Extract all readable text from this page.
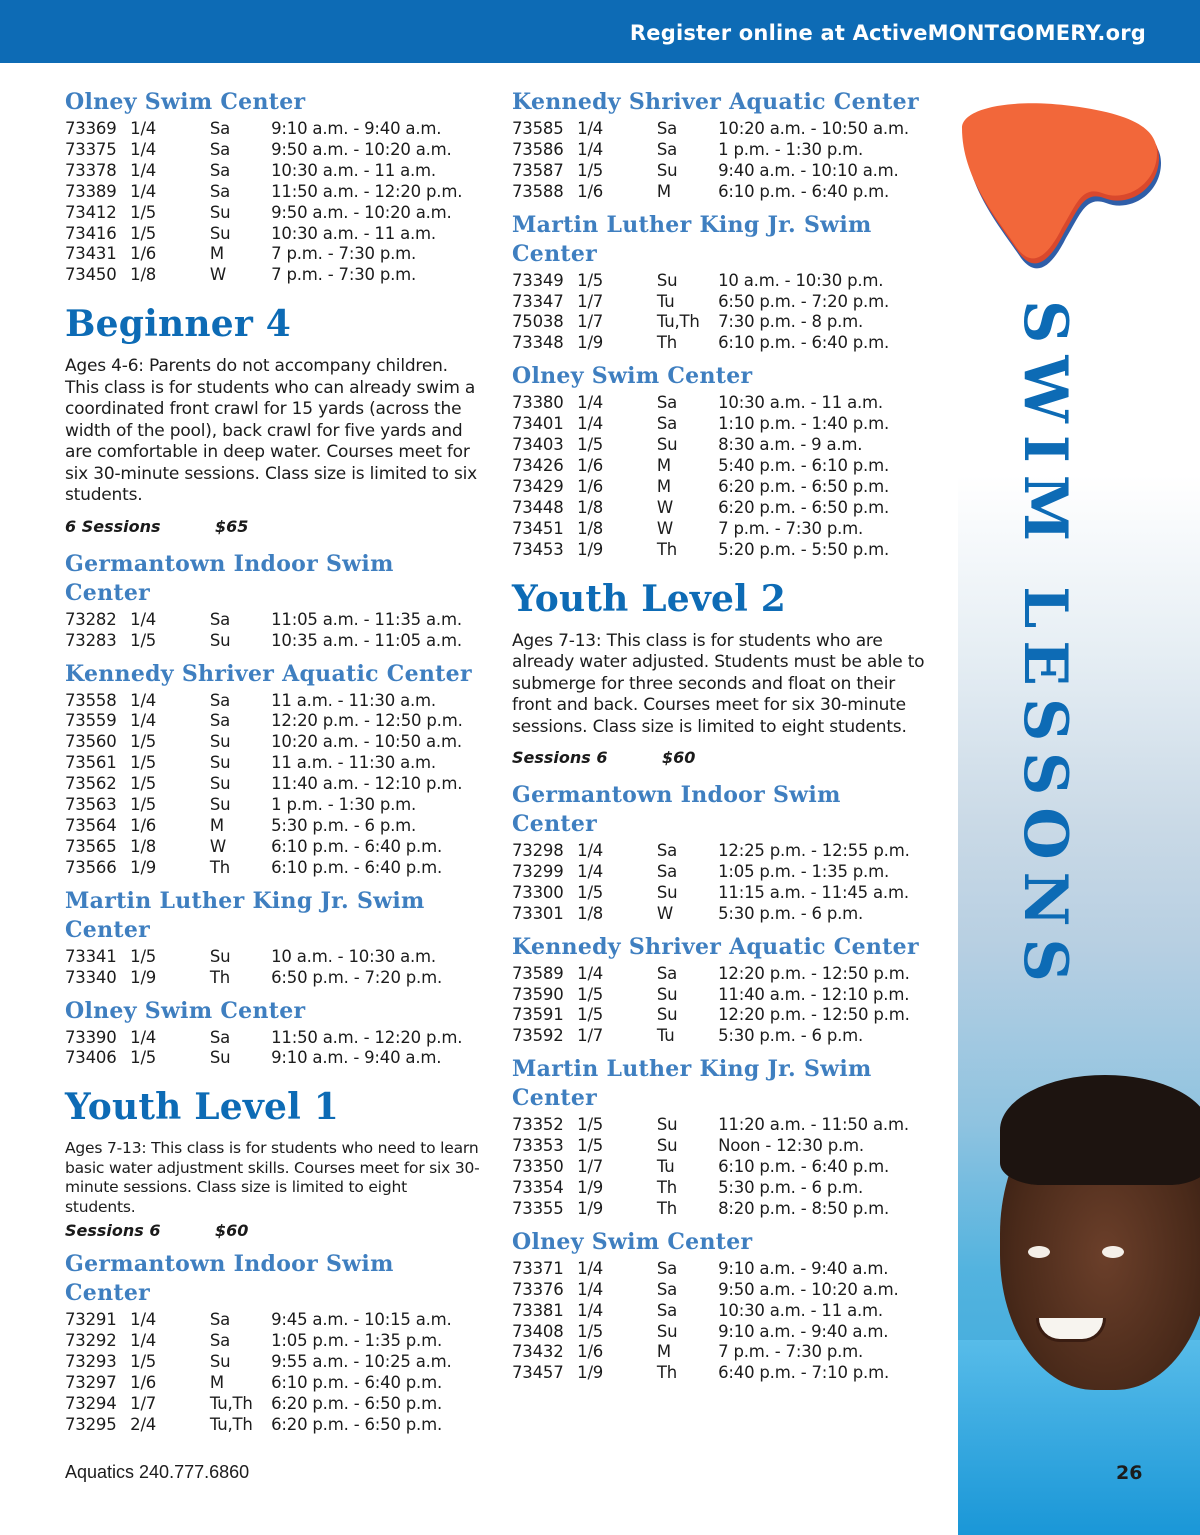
Register online at ActiveMONTGOMERY.org
SWIM LESSONS
Olney Swim Center
73369 1/4	Sa	9:10 a.m. - 9:40 a.m.
73375 1/4	Sa	9:50 a.m. - 10:20 a.m.
73378 1/4	Sa	10:30 a.m. - 11 a.m.
73389 1/4	Sa	11:50 a.m. - 12:20 p.m.
73412 1/5	Su	9:50 a.m. - 10:20 a.m.
73416 1/5	Su	10:30 a.m. - 11 a.m.
73431 1/6	M	7 p.m. - 7:30 p.m.
73450 1/8	W	7 p.m. - 7:30 p.m.
Beginner 4
Ages 4-6: Parents do not accompany children. This class is for students who can already swim a coordinated front crawl for 15 yards (across the width of the pool), back crawl for five yards and are comfortable in deep water. Courses meet for six 30-minute sessions. Class size is limited to six students.
6 Sessions	$65
Germantown Indoor Swim Center
73282 1/4	Sa	11:05 a.m. - 11:35 a.m.
73283 1/5	Su	10:35 a.m. - 11:05 a.m.
Kennedy Shriver Aquatic Center
73558 1/4	Sa	11 a.m. - 11:30 a.m.
73559 1/4	Sa	12:20 p.m. - 12:50 p.m.
73560 1/5	Su	10:20 a.m. - 10:50 a.m.
73561 1/5	Su	11 a.m. - 11:30 a.m.
73562 1/5	Su	11:40 a.m. - 12:10 p.m.
73563 1/5	Su	1 p.m. - 1:30 p.m.
73564 1/6	M	5:30 p.m. - 6 p.m.
73565 1/8	W	6:10 p.m. - 6:40 p.m.
73566 1/9	Th	6:10 p.m. - 6:40 p.m.
Martin Luther King Jr. Swim Center
73341 1/5	Su	10 a.m. - 10:30 a.m.
73340 1/9	Th	6:50 p.m. - 7:20 p.m.
Olney Swim Center
73390 1/4	Sa	11:50 a.m. - 12:20 p.m.
73406 1/5	Su	9:10 a.m. - 9:40 a.m.
Youth Level 1
Ages 7-13: This class is for students who need to learn basic water adjustment skills. Courses meet for six 30-minute sessions. Class size is limited to eight students.
Sessions 6	$60
Germantown Indoor Swim Center
73291 1/4	Sa	9:45 a.m. - 10:15 a.m.
73292 1/4	Sa	1:05 p.m. - 1:35 p.m.
73293 1/5	Su	9:55 a.m. - 10:25 a.m.
73297 1/6	M	6:10 p.m. - 6:40 p.m.
73294 1/7	Tu,Th	6:20 p.m. - 6:50 p.m.
73295 2/4	Tu,Th	6:20 p.m. - 6:50 p.m.
Kennedy Shriver Aquatic Center
73585 1/4	Sa	10:20 a.m. - 10:50 a.m.
73586 1/4	Sa	1 p.m. - 1:30 p.m.
73587 1/5	Su	9:40 a.m. - 10:10 a.m.
73588 1/6	M	6:10 p.m. - 6:40 p.m.
Martin Luther King Jr. Swim Center
73349 1/5	Su	10 a.m. - 10:30 p.m.
73347 1/7	Tu	6:50 p.m. - 7:20 p.m.
75038 1/7	Tu,Th	7:30 p.m. - 8 p.m.
73348 1/9	Th	6:10 p.m. - 6:40 p.m.
Olney Swim Center
73380 1/4	Sa	10:30 a.m. - 11 a.m.
73401 1/4	Sa	1:10 p.m. - 1:40 p.m.
73403 1/5	Su	8:30 a.m. - 9 a.m.
73426 1/6	M	5:40 p.m. - 6:10 p.m.
73429 1/6	M	6:20 p.m. - 6:50 p.m.
73448 1/8	W	6:20 p.m. - 6:50 p.m.
73451 1/8	W	7 p.m. - 7:30 p.m.
73453 1/9	Th	5:20 p.m. - 5:50 p.m.
Youth Level 2
Ages 7-13: This class is for students who are already water adjusted. Students must be able to submerge for three seconds and float on their front and back. Courses meet for six 30-minute sessions. Class size is limited to eight students.
Sessions 6	$60
Germantown Indoor Swim Center
73298 1/4	Sa	12:25 p.m. - 12:55 p.m.
73299 1/4	Sa	1:05 p.m. - 1:35 p.m.
73300 1/5	Su	11:15 a.m. - 11:45 a.m.
73301 1/8	W	5:30 p.m. - 6 p.m.
Kennedy Shriver Aquatic Center
73589 1/4	Sa	12:20 p.m. - 12:50 p.m.
73590 1/5	Su	11:40 a.m. - 12:10 p.m.
73591 1/5	Su	12:20 p.m. - 12:50 p.m.
73592 1/7	Tu	5:30 p.m. - 6 p.m.
Martin Luther King Jr. Swim Center
73352 1/5	Su	11:20 a.m. - 11:50 a.m.
73353 1/5	Su	Noon - 12:30 p.m.
73350 1/7	Tu	6:10 p.m. - 6:40 p.m.
73354 1/9	Th	5:30 p.m. - 6 p.m.
73355 1/9	Th	8:20 p.m. - 8:50 p.m.
Olney Swim Center
73371 1/4	Sa	9:10 a.m. - 9:40 a.m.
73376 1/4	Sa	9:50 a.m. - 10:20 a.m.
73381 1/4	Sa	10:30 a.m. - 11 a.m.
73408 1/5	Su	9:10 a.m. - 9:40 a.m.
73432 1/6	M	7 p.m. - 7:30 p.m.
73457 1/9	Th	6:40 p.m. - 7:10 p.m.
Aquatics 240.777.6860	26
